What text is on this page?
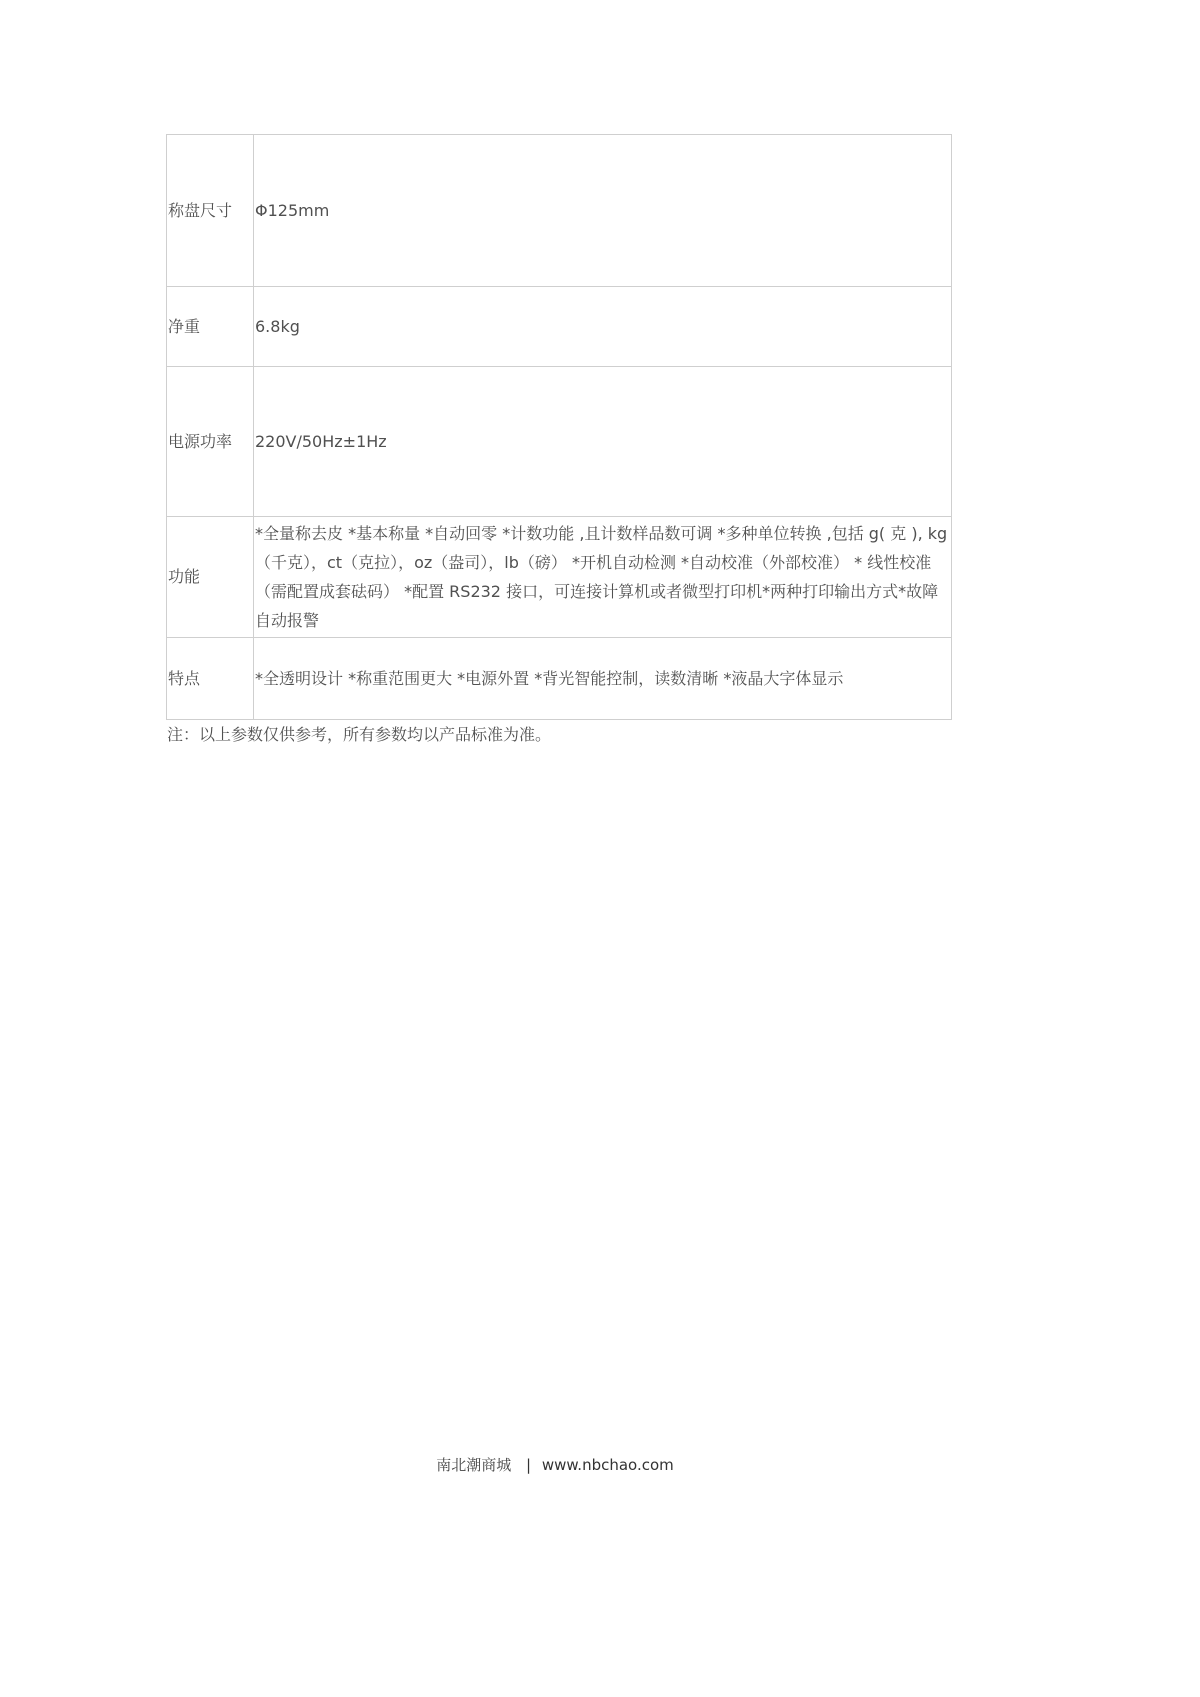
称盘尺寸	Φ125mm
净重	6.8kg
电源功率	220V/50Hz±1Hz
功能	*全量称去皮 *基本称量 *自动回零 *计数功能 ,且计数样品数可调 *多种单位转换 ,包括 g( 克 ), kg（千克），ct（克拉），oz（盎司），lb（磅） *开机自动检测 *自动校准（外部校准） * 线性校准（需配置成套砝码） *配置 RS232 接口，可连接计算机或者微型打印机*两种打印输出方式*故障自动报警
特点	*全透明设计 *称重范围更大 *电源外置 *背光智能控制，读数清晰 *液晶大字体显示
注：以上参数仅供参考，所有参数均以产品标准为准。
南北潮商城 | www.nbchao.com
